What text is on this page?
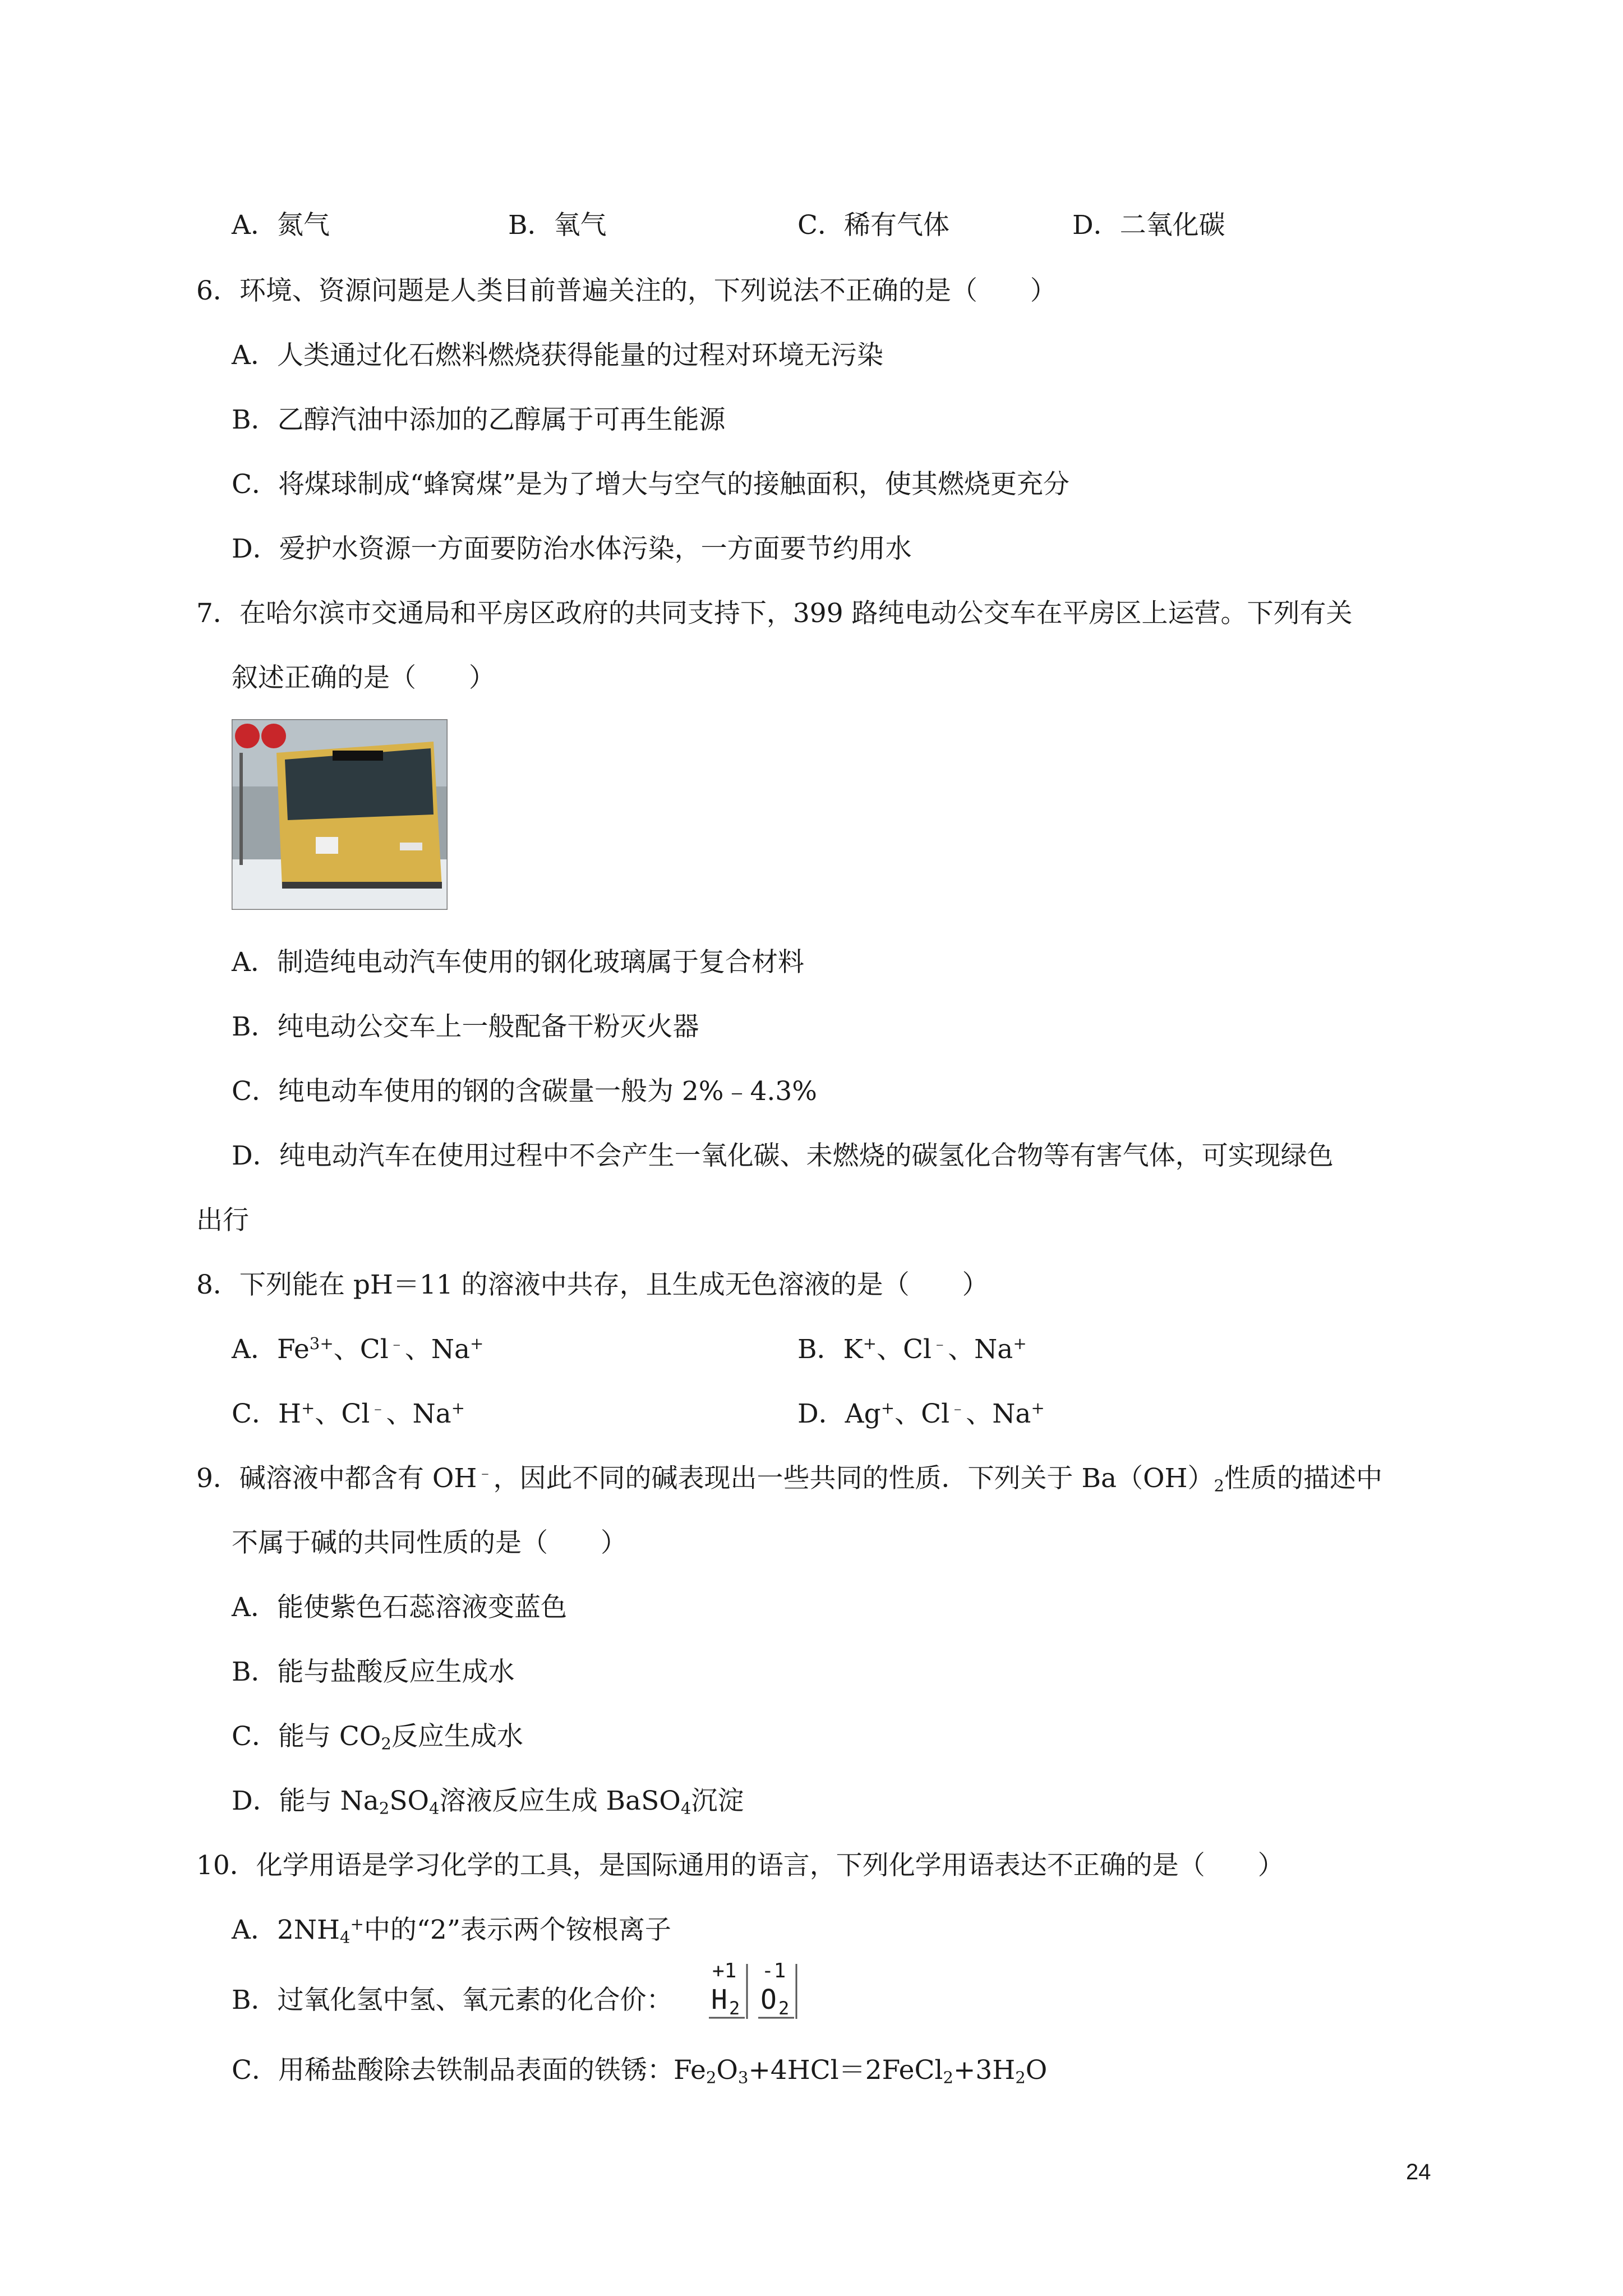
A．氮气	B．氧气	C．稀有气体	D．二氧化碳
6．环境、资源问题是人类目前普遍关注的，下列说法不正确的是（　　）
A．人类通过化石燃料燃烧获得能量的过程对环境无污染
B．乙醇汽油中添加的乙醇属于可再生能源
C．将煤球制成“蜂窝煤”是为了增大与空气的接触面积，使其燃烧更充分
D．爱护水资源一方面要防治水体污染，一方面要节约用水
7．在哈尔滨市交通局和平房区政府的共同支持下，399 路纯电动公交车在平房区上运营。下列有关
叙述正确的是（　　）
A．制造纯电动汽车使用的钢化玻璃属于复合材料
B．纯电动公交车上一般配备干粉灭火器
C．纯电动车使用的钢的含碳量一般为 2%﹣4.3%
D．纯电动汽车在使用过程中不会产生一氧化碳、未燃烧的碳氢化合物等有害气体，可实现绿色
出行
8．下列能在 pH＝11 的溶液中共存，且生成无色溶液的是（　　）
A．$Fe^{3+}$、Cl﹣、Na+	B．K+、Cl﹣、Na+
C．H+、Cl﹣、Na+	D．Ag+、Cl﹣、Na+
9．碱溶液中都含有 OH﹣，因此不同的碱表现出一些共同的性质．下列关于 $Ba(OH)_2$性质的描述中
不属于碱的共同性质的是（　　）
A．能使紫色石蕊溶液变蓝色
B．能与盐酸反应生成水
C．能与 $CO_2$反应生成水
D．能与 $Na_2SO_4$溶液反应生成 BaSO$_4$沉淀
10．化学用语是学习化学的工具，是国际通用的语言，下列化学用语表达不正确的是（　　）
A．$2NH_4^+$中的“2”表示两个铵根离子
B．过氧化氢中氢、氧元素的化合价：
+1
H 2
-1
O 2
C．用稀盐酸除去铁制品表面的铁锈：$Fe_2O_3+4HCl=2FeCl_2+3H_2O$
24
